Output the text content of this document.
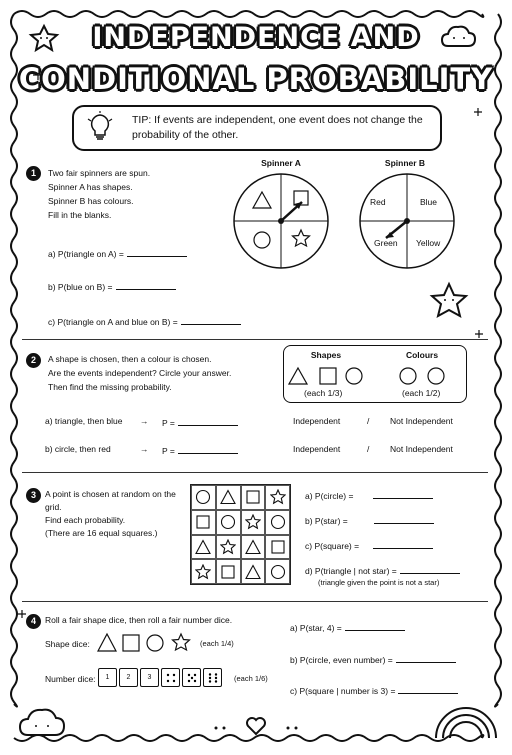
INDEPENDENCE AND
CONDITIONAL PROBABILITY
TIP: If events are independent, one event does not change the probability of the other.
1	Two fair spinners are spun.
Spinner A has shapes.
Spinner B has colours.
Fill in the blanks.
Spinner A	Spinner B
Red	Blue
Green Yellow
a) P(triangle on A) =
b) P(blue on B) =
c) P(triangle on A and blue on B) =
2	A shape is chosen, then a colour is chosen.
Are the events independent? Circle your answer.
Then find the missing probability.
Shapes	Colours
(each 1/3)	(each 1/2)
a) triangle, then blue → P =	Independent	/ Not Independent
b) circle, then red	→ P =	Independent	/ Not Independent
3	A point is chosen at random on the grid.
Find each probability.
(There are 16 equal squares.)
a) P(circle) =
b) P(star) =
c) P(square) =
d) P(triangle | not star) =
(triangle given the point is not a star)
4	Roll a fair shape dice, then roll a fair number dice.
Shape dice:	(each 1/4)
Number dice:	1 2 3	(each 1/6)
a) P(star, 4) =
b) P(circle, even number) =
c) P(square | number is 3) =
